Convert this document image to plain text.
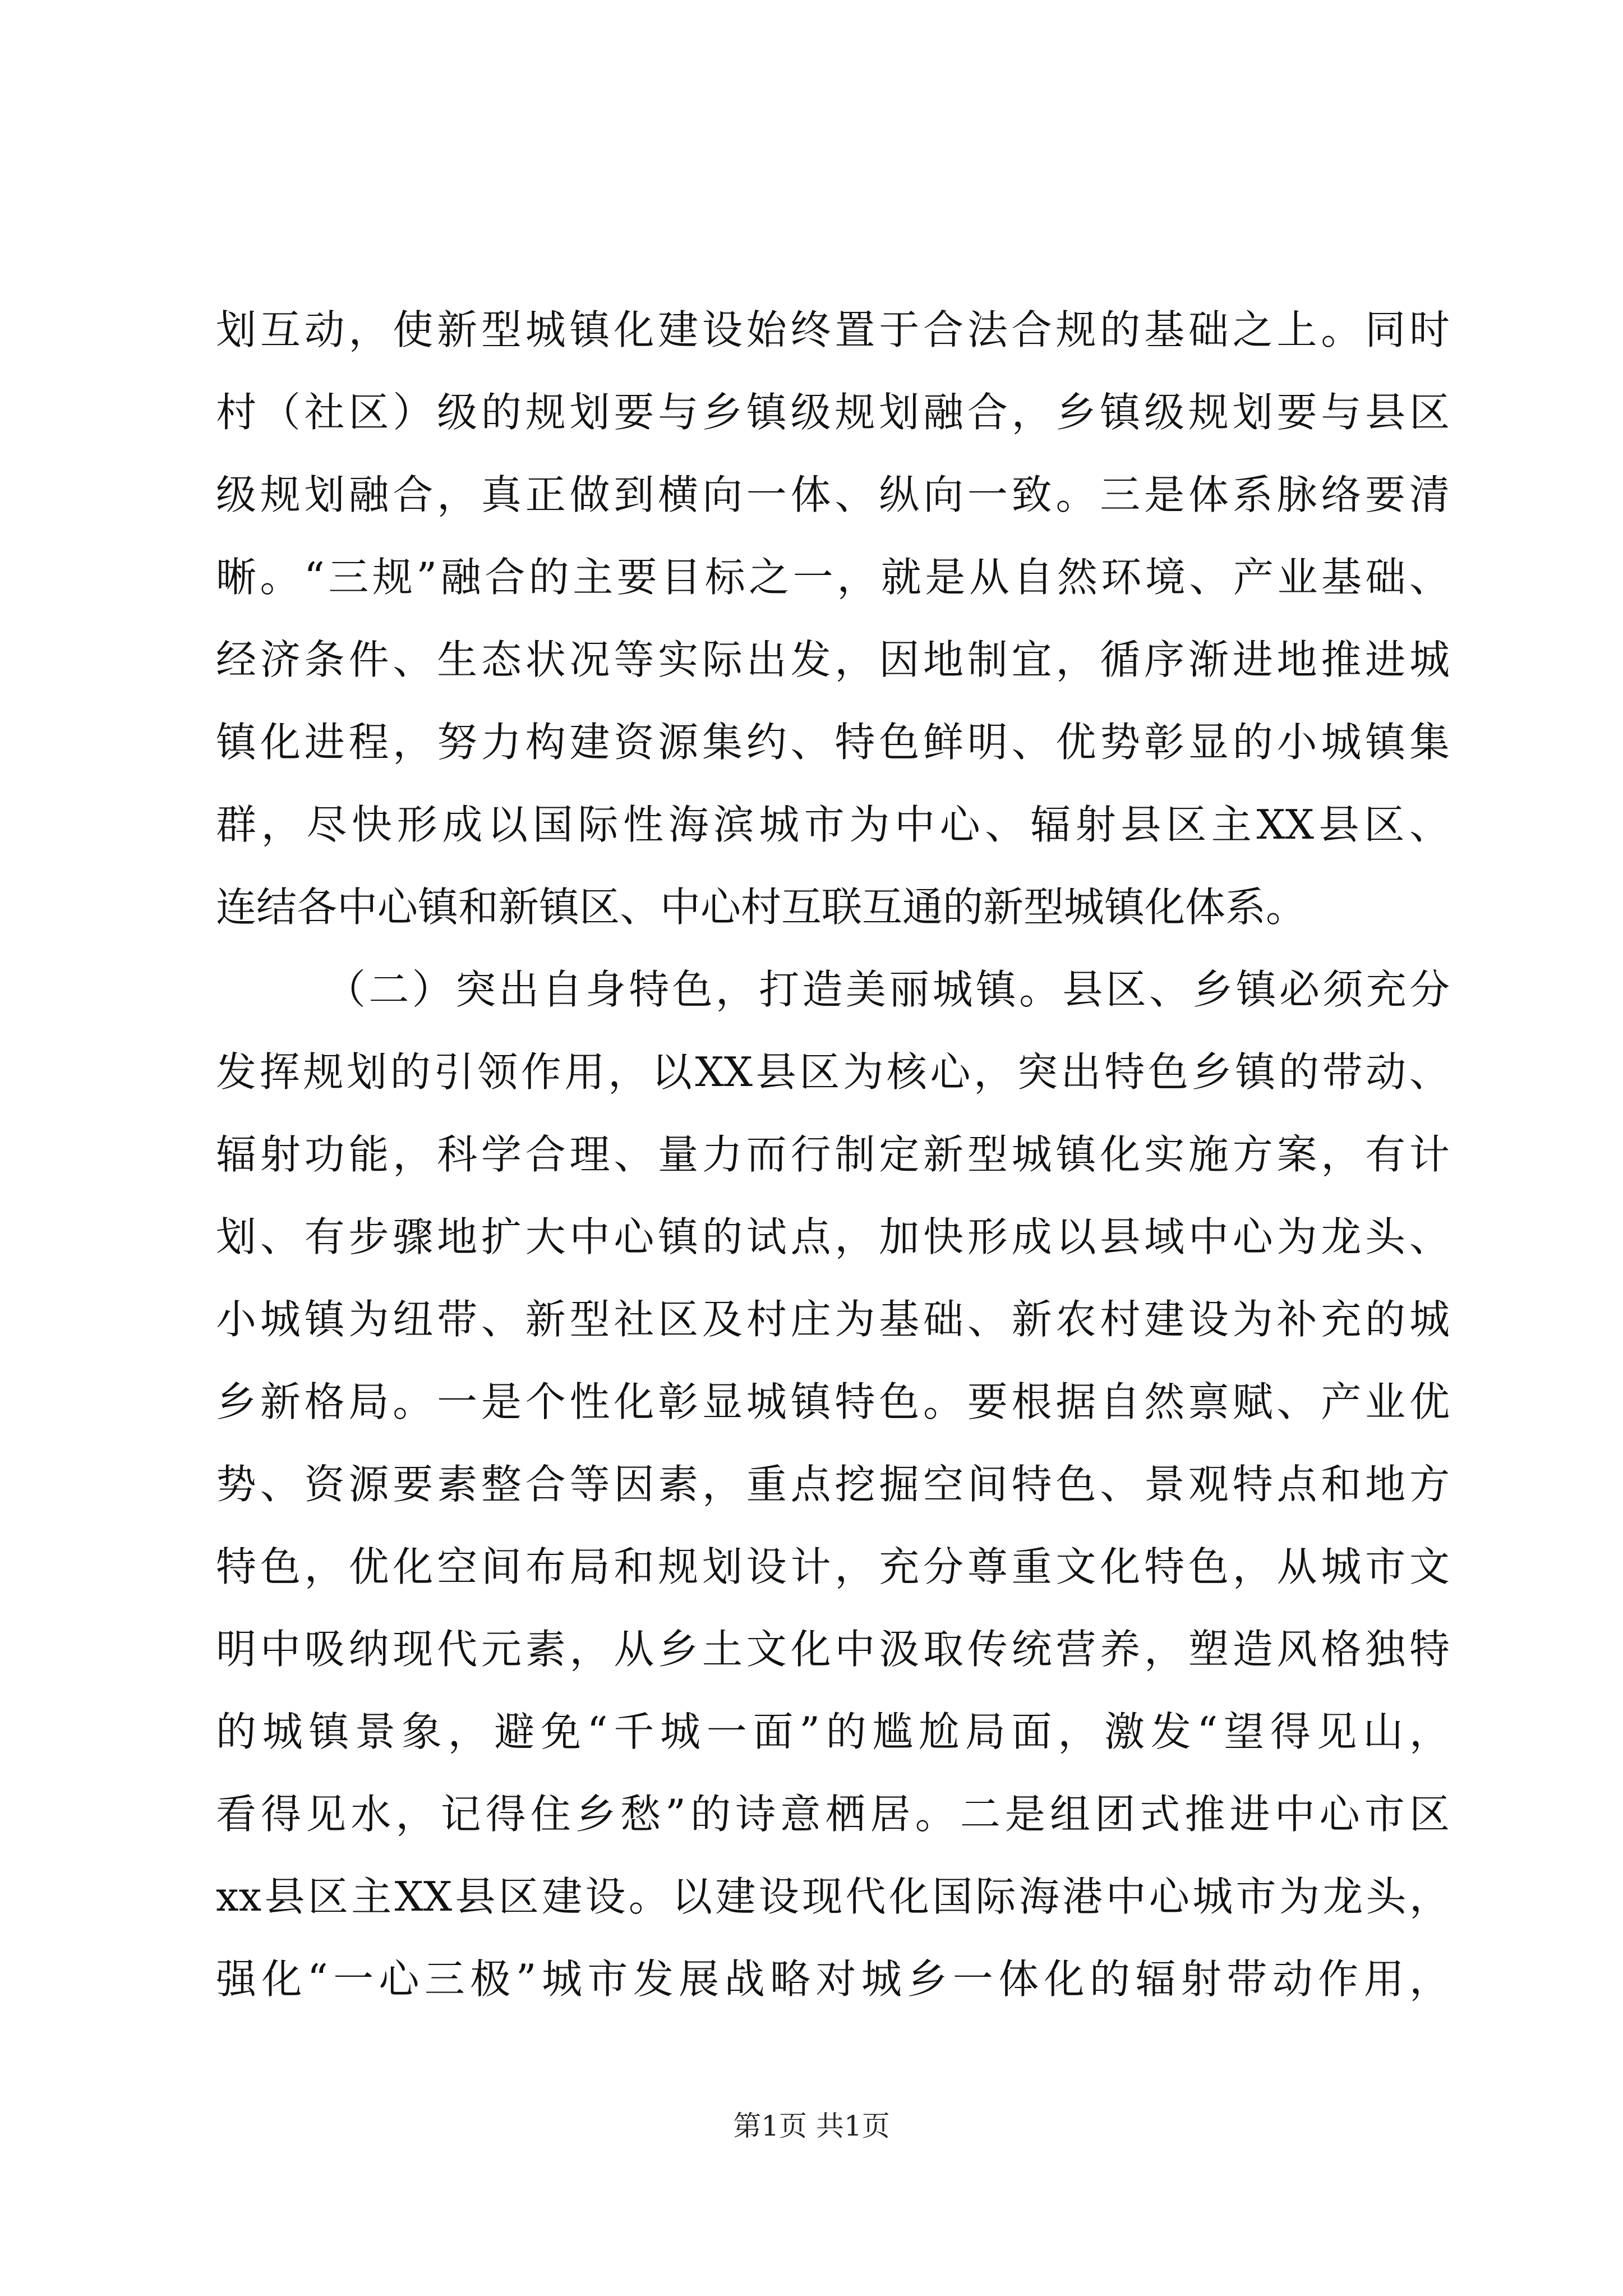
划互动，使新型城镇化建设始终置于合法合规的基础之上。同时
村（社区）级的规划要与乡镇级规划融合，乡镇级规划要与县区
级规划融合，真正做到横向一体、纵向一致。三是体系脉络要清
晰。“三规”融合的主要目标之一，就是从自然环境、产业基础、
经济条件、生态状况等实际出发，因地制宜，循序渐进地推进城
镇化进程，努力构建资源集约、特色鲜明、优势彰显的小城镇集
群，尽快形成以国际性海滨城市为中心、辐射县区主XX县区、
连结各中心镇和新镇区、中心村互联互通的新型城镇化体系。
（二）突出自身特色，打造美丽城镇。县区、乡镇必须充分
发挥规划的引领作用，以XX县区为核心，突出特色乡镇的带动、
辐射功能，科学合理、量力而行制定新型城镇化实施方案，有计
划、有步骤地扩大中心镇的试点，加快形成以县域中心为龙头、
小城镇为纽带、新型社区及村庄为基础、新农村建设为补充的城
乡新格局。一是个性化彰显城镇特色。要根据自然禀赋、产业优
势、资源要素整合等因素，重点挖掘空间特色、景观特点和地方
特色，优化空间布局和规划设计，充分尊重文化特色，从城市文
明中吸纳现代元素，从乡土文化中汲取传统营养，塑造风格独特
的城镇景象，避免“千城一面”的尴尬局面，激发“望得见山，
看得见水，记得住乡愁”的诗意栖居。二是组团式推进中心市区
xx县区主XX县区建设。以建设现代化国际海港中心城市为龙头，
强化“一心三极”城市发展战略对城乡一体化的辐射带动作用，
第1页 共1页
